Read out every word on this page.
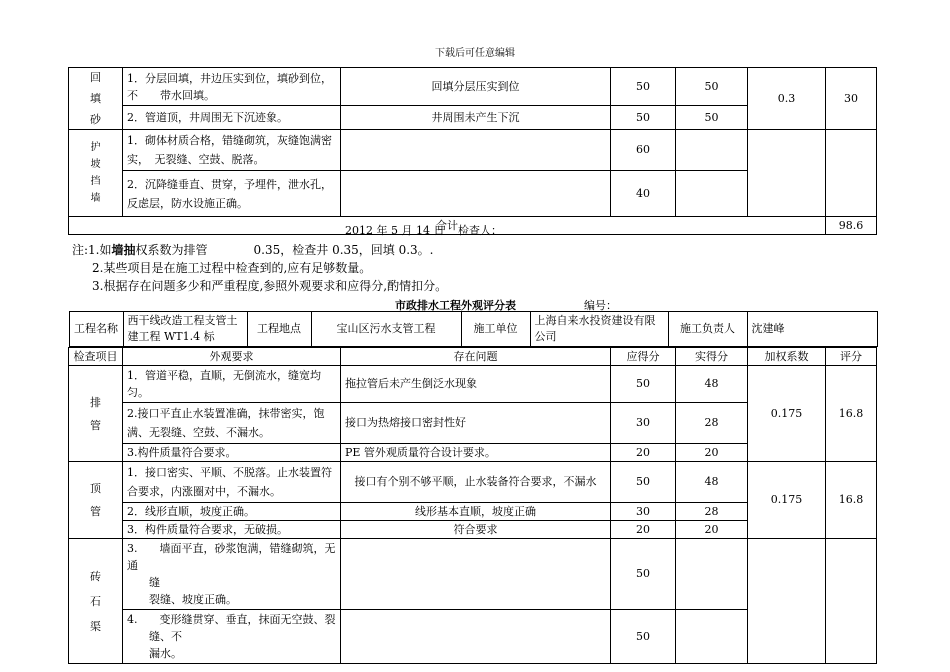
下载后可任意编辑
回
填
砂	1．分层回填，井边压实到位，填砂到位，不　　带水回填。	回填分层压实到位	50	50	0.3	30
	2．管道顶，井周围无下沉迹象。	井周围未产生下沉	50	50		

护
坡
挡
墙	1．砌体材质合格，错缝砌筑，灰缝饱满密实，　无裂缝、空鼓、脱落。		60			
	2．沉降缝垂直、贯穿，予埋件，泄水孔，反虑层，防水设施正确。		40			
合计						98.6
2012 年 5 月 14 日 检查人：
注:1.如墙抽权系数为排管	0.35，检查井 0.35，回填 0.3。.
2.某些项目是在施工过程中检查到的,应有足够数量。
3.根据存在问题多少和严重程度,参照外观要求和应得分,酌情扣分。
市政排水工程外观评分表	编号：
工程名称	西干线改造工程支管土建工程 WT1.4 标	工程地点	宝山区污水支管工程	施工单位	上海自来水投资建设有限公司	施工负责人	沈建峰

检查项目	外观要求	存在问题	应得分	实得分	加权系数	评分

排
管
	1．管道平稳，直顺，无倒流水，缝宽均匀。	拖拉管后未产生倒泛水现象	50	48	0.175	16.8
2.接口平直止水装置准确，抹带密实，饱满、无裂缝、空鼓、不漏水。	接口为热熔接口密封性好	30	28
3.构件质量符合要求。	PE 管外观质量符合设计要求。	20	20

顶
管
	1．接口密实、平顺、不脱落。止水装置符合要求，内涨圈对中，不漏水。	接口有个别不够平顺，止水装备符合要求，不漏水	50	48	0.175	16.8
2．线形直顺，坡度正确。	线形基本直顺，坡度正确	30	28
3．构件质量符合要求，无破损。	符合要求	20	20

砖
石
渠

3.　　墙面平直，砂浆饱满，错缝砌筑，无通
　　缝
　　裂缝、坡度正确。
		50			

4.　　变形缝贯穿、垂直，抹面无空鼓、裂
　　缝、不
　　漏水。
		50	
